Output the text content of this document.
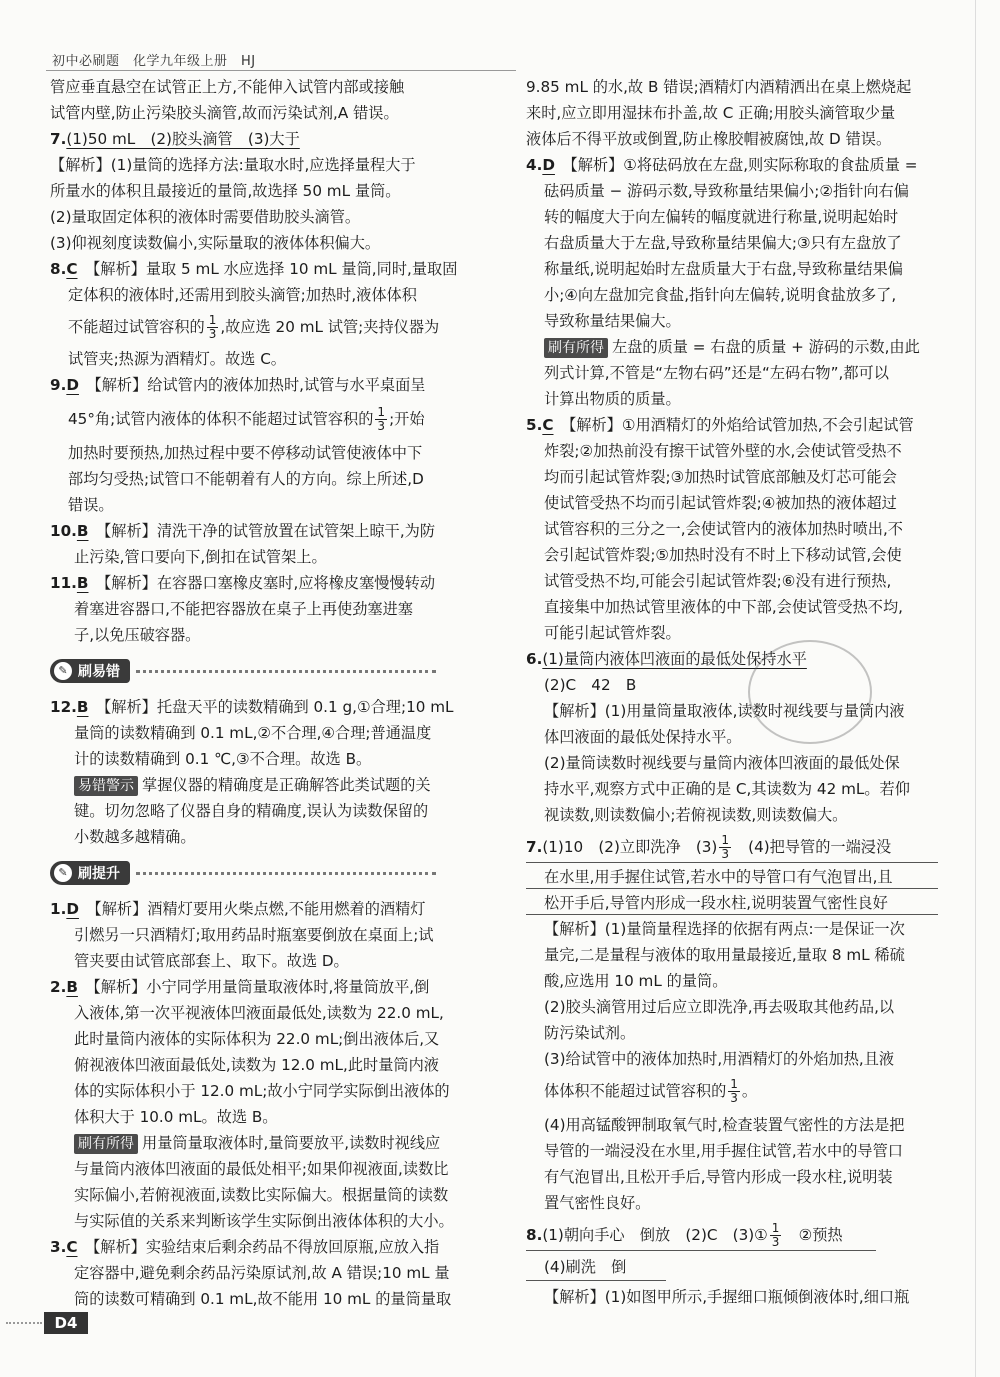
初中必刷题　化学九年级上册　HJ
管应垂直悬空在试管正上方,不能伸入试管内部或接触
试管内壁,防止污染胶头滴管,故而污染试剂,A 错误。
7.(1)50 mL　(2)胶头滴管　(3)大于
【解析】(1)量筒的选择方法:量取水时,应选择量程大于
所量水的体积且最接近的量筒,故选择 50 mL 量筒。
(2)量取固定体积的液体时需要借助胶头滴管。
(3)仰视刻度读数偏小,实际量取的液体体积偏大。
8.C　 【解析】量取 5 mL 水应选择 10 mL 量筒,同时,量取固
定体积的液体时,还需用到胶头滴管;加热时,液体体积
不能超过试管容积的 $\frac{1}{3}$ ,故应选 20 mL 试管;夹持仪器为
试管夹;热源为酒精灯。故选 C。
9.D　 【解析】给试管内的液体加热时,试管与水平桌面呈
45°角;试管内液体的体积不能超过试管容积的 $\frac{1}{3}$ ;开始
加热时要预热,加热过程中要不停移动试管使液体中下
部均匀受热;试管口不能朝着有人的方向。综上所述,D
错误。
10.B　 【解析】清洗干净的试管放置在试管架上晾干,为防
止污染,管口要向下,倒扣在试管架上。
11.B　 【解析】在容器口塞橡皮塞时,应将橡皮塞慢慢转动
着塞进容器口,不能把容器放在桌子上再使劲塞进塞
子,以免压破容器。
✎ 刷易错
12.B　 【解析】托盘天平的读数精确到 0.1 g,①合理;10 mL
量筒的读数精确到 0.1 mL,②不合理,④合理;普通温度
计的读数精确到 0.1 ℃,③不合理。故选 B。
易错警示 掌握仪器的精确度是正确解答此类试题的关
键。切勿忽略了仪器自身的精确度,误认为读数保留的
小数越多越精确。
✎ 刷提升
1.D　 【解析】酒精灯要用火柴点燃,不能用燃着的酒精灯
引燃另一只酒精灯;取用药品时瓶塞要倒放在桌面上;试
管夹要由试管底部套上、取下。故选 D。
2.B　 【解析】小宁同学用量筒量取液体时,将量筒放平,倒
入液体,第一次平视液体凹液面最低处,读数为 22.0 mL,
此时量筒内液体的实际体积为 22.0 mL;倒出液体后,又
俯视液体凹液面最低处,读数为 12.0 mL,此时量筒内液
体的实际体积小于 12.0 mL;故小宁同学实际倒出液体的
体积大于 10.0 mL。故选 B。
刷有所得 用量筒量取液体时,量筒要放平,读数时视线应
与量筒内液体凹液面的最低处相平;如果仰视液面,读数比
实际偏小,若俯视液面,读数比实际偏大。根据量筒的读数
与实际值的关系来判断该学生实际倒出液体体积的大小。
3.C　 【解析】实验结束后剩余药品不得放回原瓶,应放入指
定容器中,避免剩余药品污染原试剂,故 A 错误;10 mL 量
筒的读数可精确到 0.1 mL,故不能用 10 mL 的量筒量取
9.85 mL 的水,故 B 错误;酒精灯内酒精洒出在桌上燃烧起
来时,应立即用湿抹布扑盖,故 C 正确;用胶头滴管取少量
液体后不得平放或倒置,防止橡胶帽被腐蚀,故 D 错误。
4.D　 【解析】①将砝码放在左盘,则实际称取的食盐质量 =
砝码质量 − 游码示数,导致称量结果偏小;②指针向右偏
转的幅度大于向左偏转的幅度就进行称量,说明起始时
右盘质量大于左盘,导致称量结果偏大;③只有左盘放了
称量纸,说明起始时左盘质量大于右盘,导致称量结果偏
小;④向左盘加完食盐,指针向左偏转,说明食盐放多了,
导致称量结果偏大。
刷有所得 左盘的质量 = 右盘的质量 + 游码的示数,由此
列式计算,不管是“左物右码”还是“左码右物”,都可以
计算出物质的质量。
5.C　 【解析】①用酒精灯的外焰给试管加热,不会引起试管
炸裂;②加热前没有擦干试管外壁的水,会使试管受热不
均而引起试管炸裂;③加热时试管底部触及灯芯可能会
使试管受热不均而引起试管炸裂;④被加热的液体超过
试管容积的三分之一,会使试管内的液体加热时喷出,不
会引起试管炸裂;⑤加热时没有不时上下移动试管,会使
试管受热不均,可能会引起试管炸裂;⑥没有进行预热,
直接集中加热试管里液体的中下部,会使试管受热不均,
可能引起试管炸裂。
6.(1)量筒内液体凹液面的最低处保持水平
(2)C　42　B
【解析】(1)用量筒量取液体,读数时视线要与量筒内液
体凹液面的最低处保持水平。
(2)量筒读数时视线要与量筒内液体凹液面的最低处保
持水平,观察方式中正确的是 C,其读数为 42 mL。若仰
视读数,则读数偏小;若俯视读数,则读数偏大。
7.(1)10　(2)立即洗净　$(3) \frac{1}{3}$ 　(4)把导管的一端浸没
在水里,用手握住试管,若水中的导管口有气泡冒出,且
松开手后,导管内形成一段水柱,说明装置气密性良好
【解析】(1)量筒量程选择的依据有两点:一是保证一次
量完,二是量程与液体的取用量最接近,量取 8 mL 稀硫
酸,应选用 10 mL 的量筒。
(2)胶头滴管用过后应立即洗净,再去吸取其他药品,以
防污染试剂。
(3)给试管中的液体加热时,用酒精灯的外焰加热,且液
体体积不能超过试管容积的 $\frac{1}{3}$ 。
(4)用高锰酸钾制取氧气时,检查装置气密性的方法是把
导管的一端浸没在水里,用手握住试管,若水中的导管口
有气泡冒出,且松开手后,导管内形成一段水柱,说明装
置气密性良好。
8.(1)朝向手心　倒放　(2)C　(3)① $\frac{1}{3}$ 　②预热
(4)刷洗　倒
【解析】(1)如图甲所示,手握细口瓶倾倒液体时,细口瓶
D4
